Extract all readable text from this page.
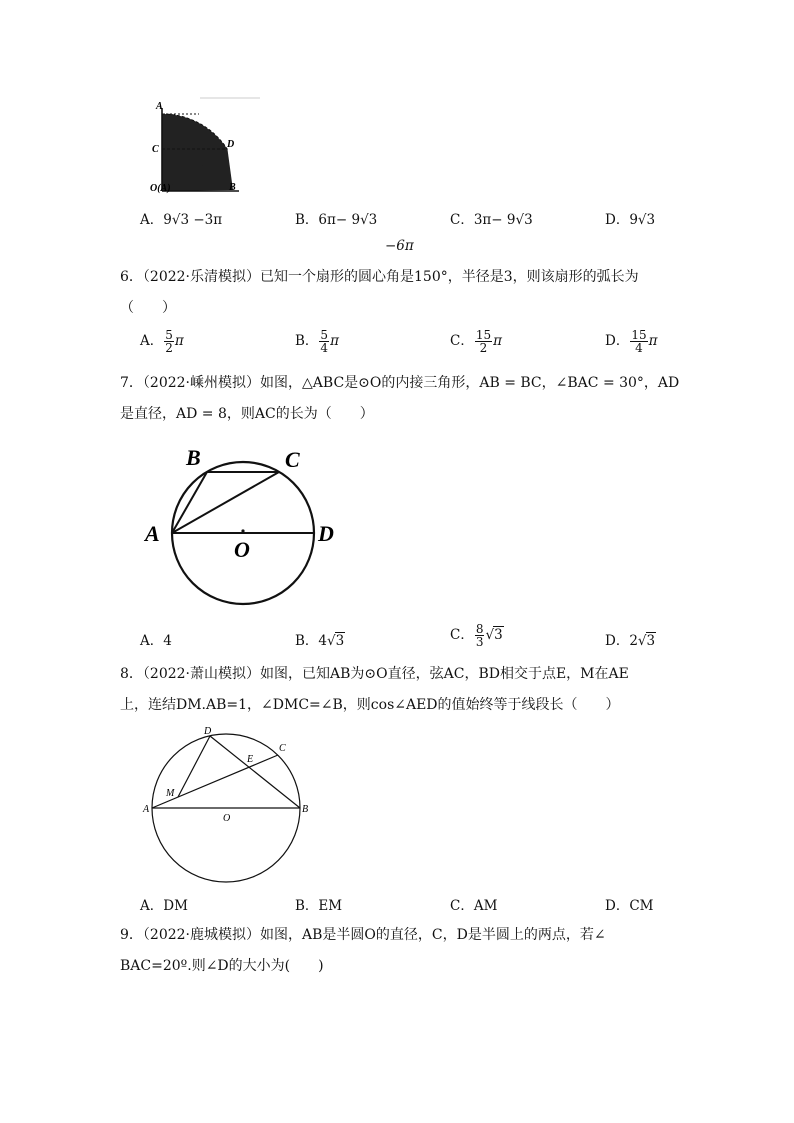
A
C	D
O(A)	B
A．9√3 −3π	B．6π− 9√3	C．3π− 9√3	D．9√3
−6π
6．（2022·乐清模拟）已知一个扇形的圆心角是150°，半径是3，则该扇形的弧长为
（　　）
A． $\frac{5}{2}$ π	B． $\frac{5}{4}$ π	C． $\frac{15}{2}$ π	D． $\frac{15}{4}$ π
7．（2022·嵊州模拟）如图，△ABC是⊙O的内接三角形，AB = BC，∠BAC = 30°，AD
是直径，AD = 8，则AC的长为（　　）
B	C
A	D
O
A．4	B．4√3	C． $\frac{8}{3} √3$	D．2√3
8．（2022·萧山模拟）如图，已知AB为⊙O直径，弦AC，BD相交于点E，M在AE
上，连结DM.AB=1，∠DMC=∠B，则cos∠AED的值始终等于线段长（　　）
D
C
E
M
A	B
O
A．DM	B．EM	C．AM	D．CM
9．（2022·鹿城模拟）如图，AB是半圆O的直径，C，D是半圆上的两点，若∠
BAC=20º.则∠D的大小为(　　)
